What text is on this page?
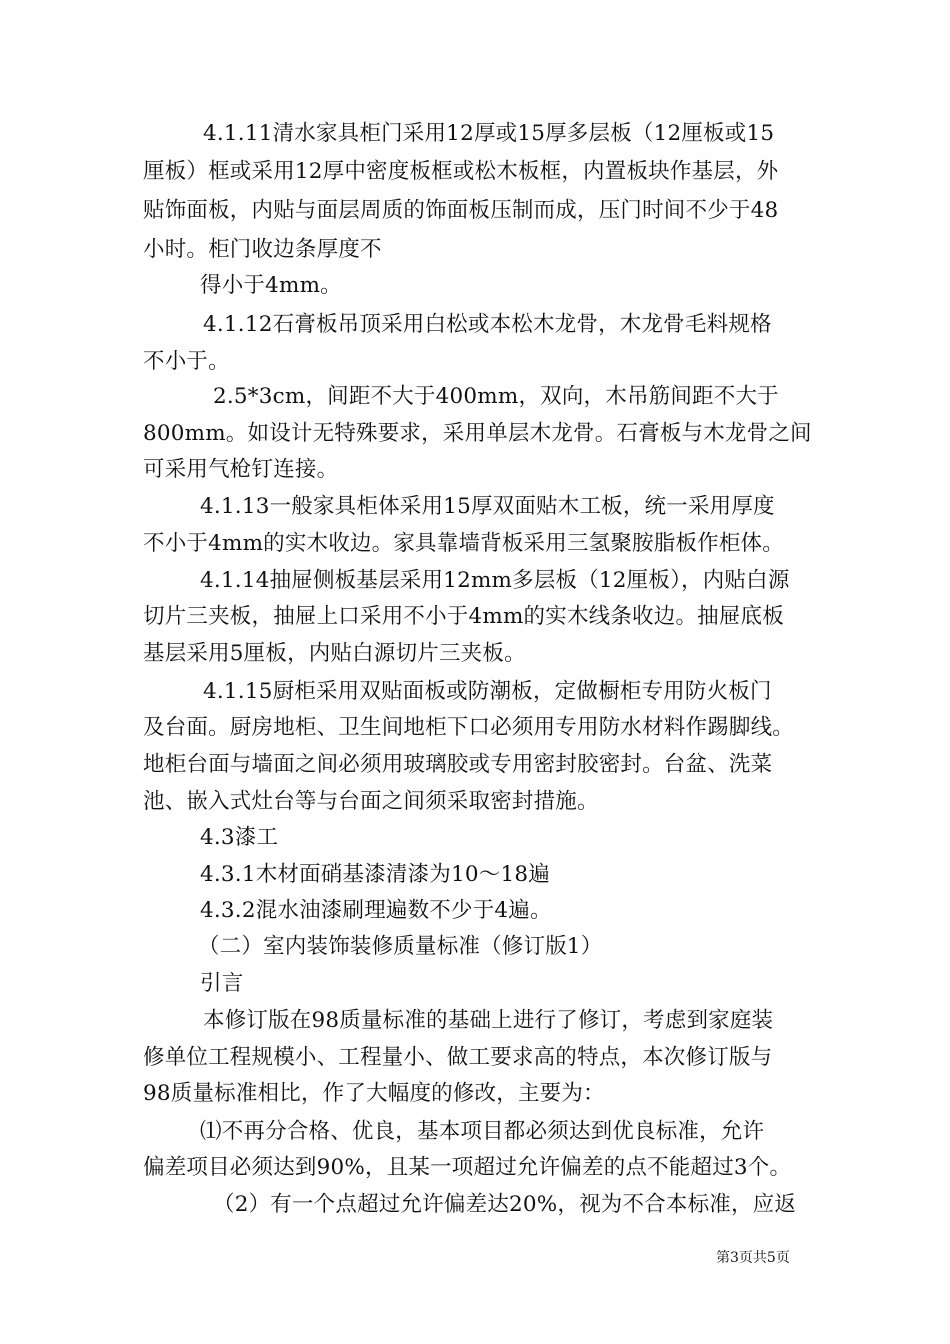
4.1.11清水家具柜门采用12厚或15厚多层板（12厘板或15
厘板）框或采用12厚中密度板框或松木板框，内置板块作基层，外
贴饰面板，内贴与面层周质的饰面板压制而成，压门时间不少于48
小时。柜门收边条厚度不
得小于4mm。
4.1.12石膏板吊顶采用白松或本松木龙骨，木龙骨毛料规格
不小于。
2.5*3cm，间距不大于400mm，双向，木吊筋间距不大于
800mm。如设计无特殊要求，采用单层木龙骨。石膏板与木龙骨之间
可采用气枪钉连接。
4.1.13一般家具柜体采用15厚双面贴木工板，统一采用厚度
不小于4mm的实木收边。家具靠墙背板采用三氢聚胺脂板作柜体。
4.1.14抽屉侧板基层采用12mm多层板（12厘板），内贴白源
切片三夹板，抽屉上口采用不小于4mm的实木线条收边。抽屉底板
基层采用5厘板，内贴白源切片三夹板。
4.1.15厨柜采用双贴面板或防潮板，定做橱柜专用防火板门
及台面。厨房地柜、卫生间地柜下口必须用专用防水材料作踢脚线。
地柜台面与墙面之间必须用玻璃胶或专用密封胶密封。台盆、洗菜
池、嵌入式灶台等与台面之间须采取密封措施。
4.3漆工
4.3.1木材面硝基漆清漆为10～18遍
4.3.2混水油漆刷理遍数不少于4遍。
（二）室内装饰装修质量标准（修订版1）
引言
本修订版在98质量标准的基础上进行了修订，考虑到家庭装
修单位工程规模小、工程量小、做工要求高的特点，本次修订版与
98质量标准相比，作了大幅度的修改，主要为：
⑴不再分合格、优良，基本项目都必须达到优良标准，允许
偏差项目必须达到90%，且某一项超过允许偏差的点不能超过3个。
（2）有一个点超过允许偏差达20%，视为不合本标准，应返
第3页共5页
